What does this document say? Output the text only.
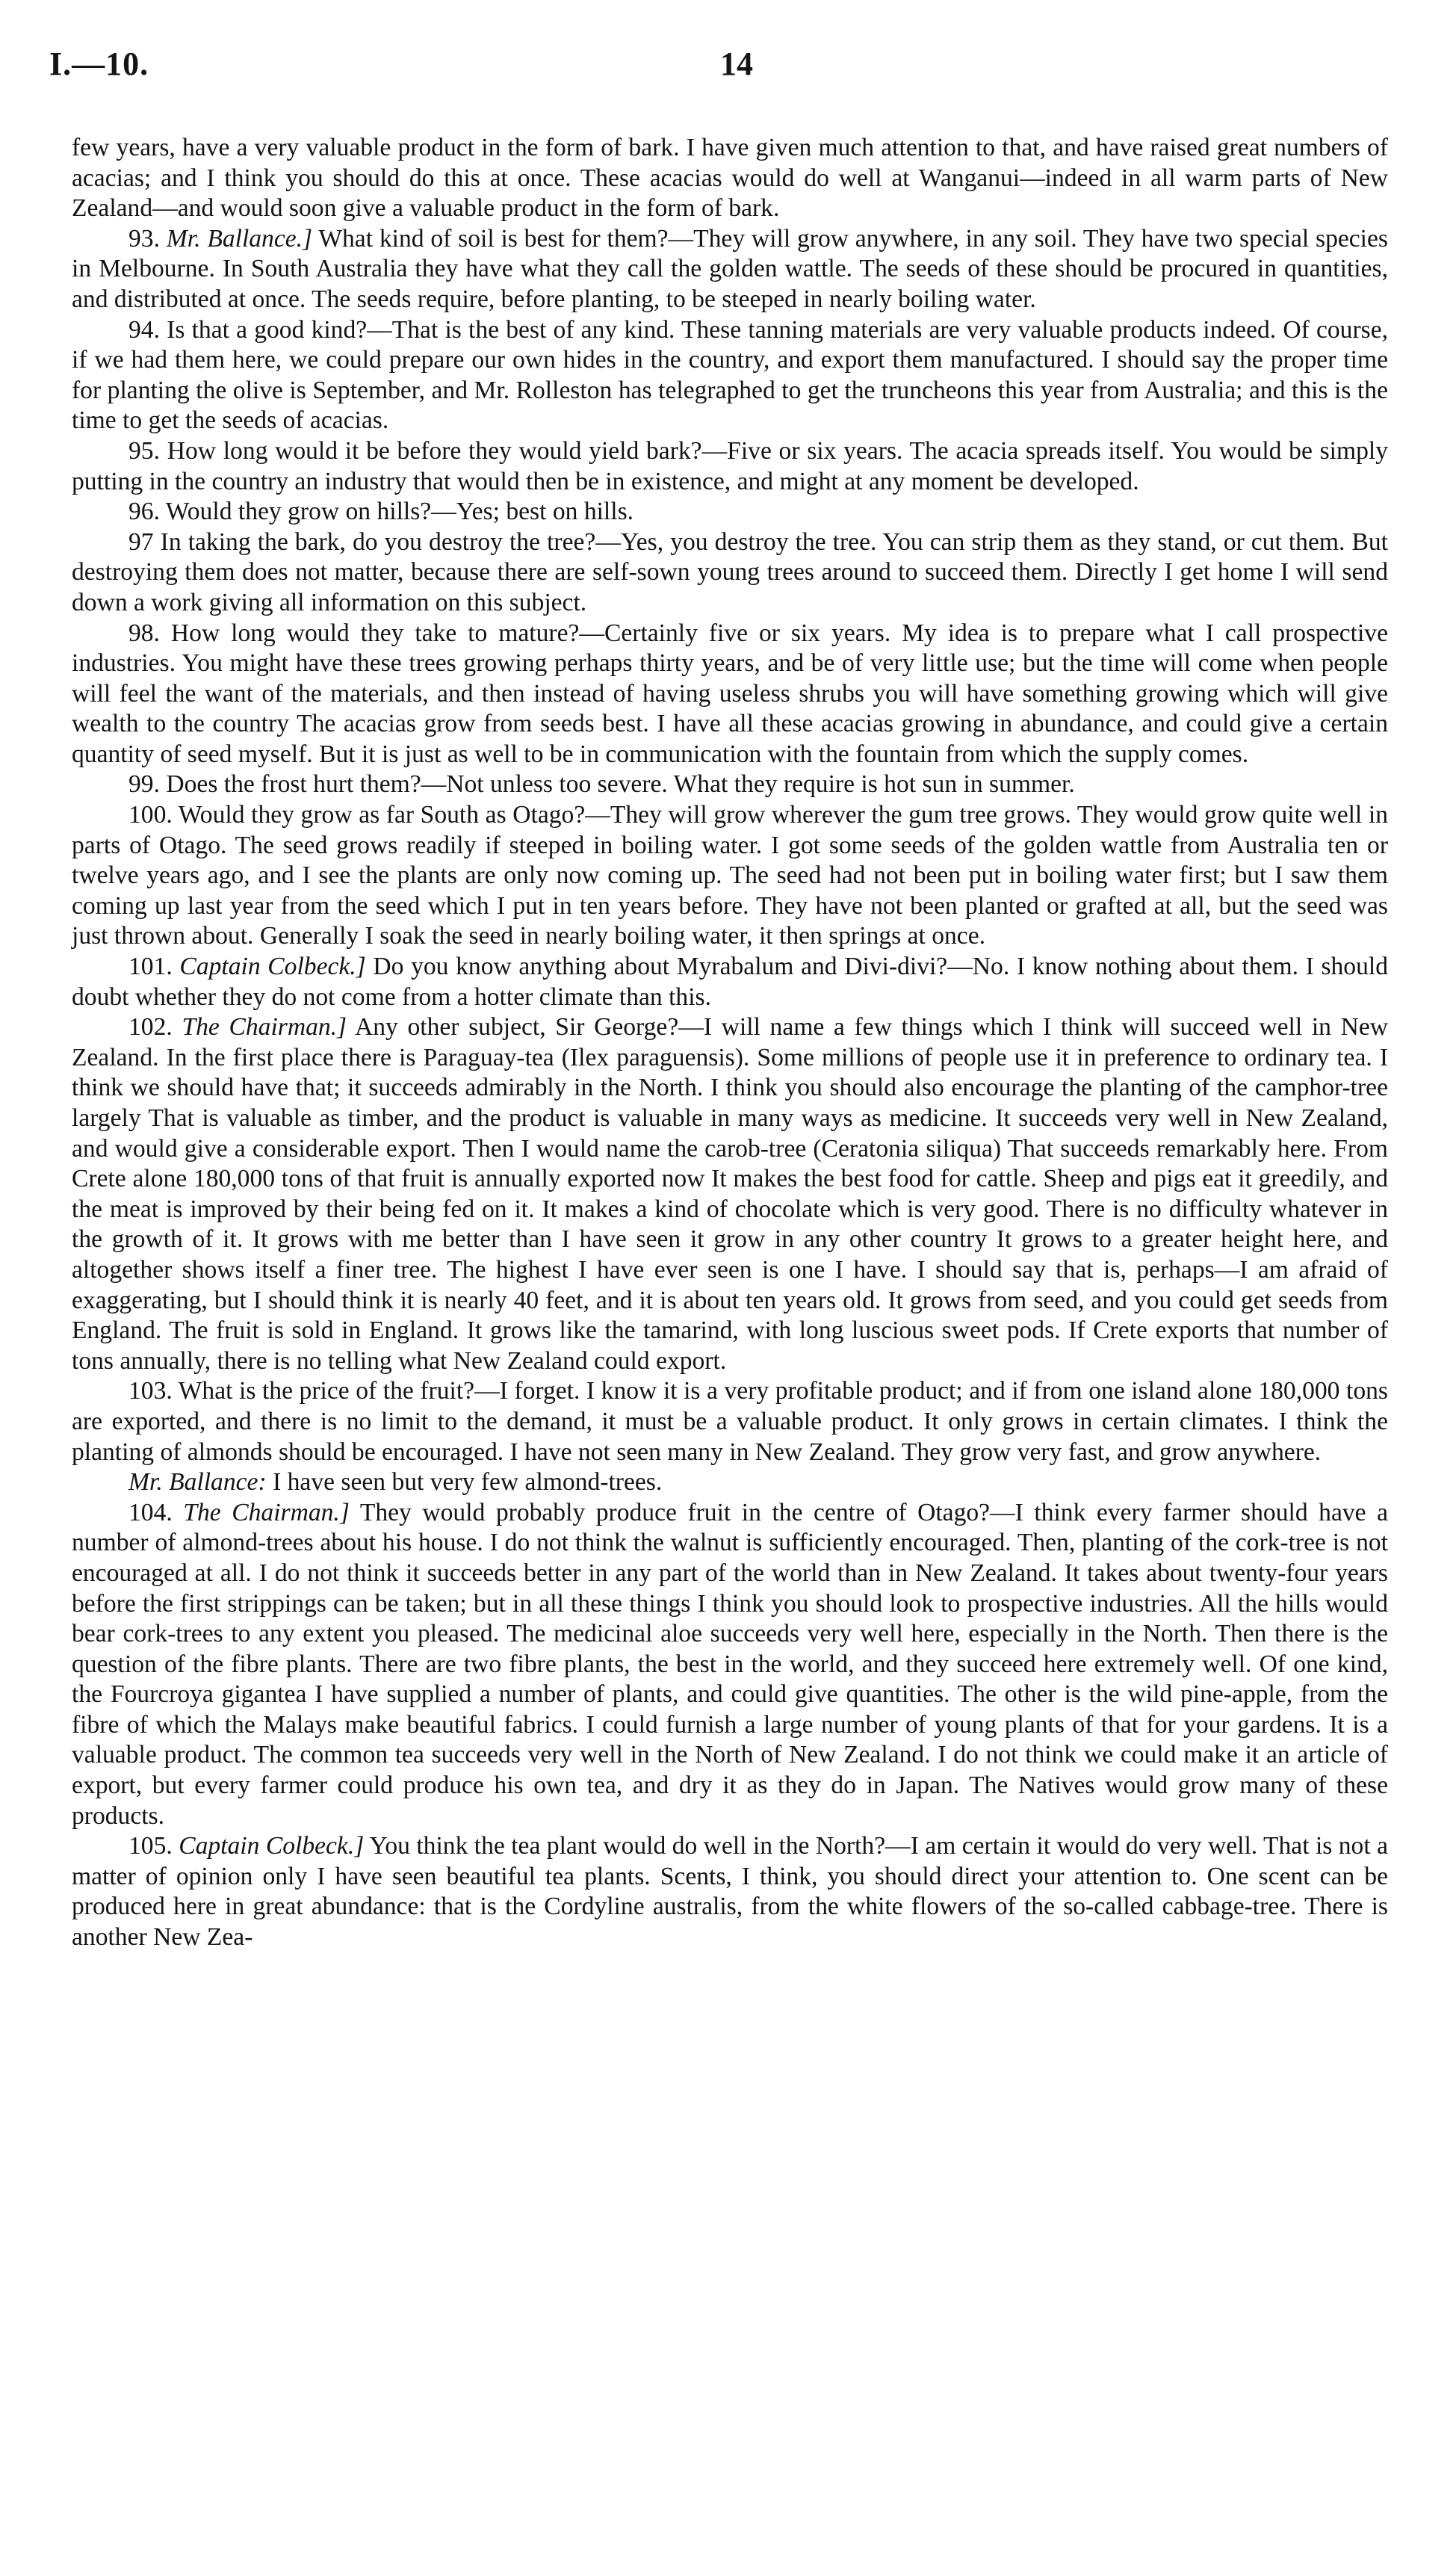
I.—10.	14

few years, have a very valuable product in the form of bark. I have given much attention to that, and have raised great numbers of acacias; and I think you should do this at once. These acacias would do well at Wanganui—indeed in all warm parts of New Zealand—and would soon give a valuable product in the form of bark.

93. Mr. Ballance.] What kind of soil is best for them?—They will grow anywhere, in any soil. They have two special species in Melbourne. In South Australia they have what they call the golden wattle. The seeds of these should be procured in quantities, and distributed at once. The seeds require, before planting, to be steeped in nearly boiling water.

94. Is that a good kind?—That is the best of any kind. These tanning materials are very valuable products indeed. Of course, if we had them here, we could prepare our own hides in the country, and export them manufactured. I should say the proper time for planting the olive is September, and Mr. Rolleston has telegraphed to get the truncheons this year from Australia; and this is the time to get the seeds of acacias.

95. How long would it be before they would yield bark?—Five or six years. The acacia spreads itself. You would be simply putting in the country an industry that would then be in existence, and might at any moment be developed.

96. Would they grow on hills?—Yes; best on hills.

97 In taking the bark, do you destroy the tree?—Yes, you destroy the tree. You can strip them as they stand, or cut them. But destroying them does not matter, because there are self-sown young trees around to succeed them. Directly I get home I will send down a work giving all information on this subject.

98. How long would they take to mature?—Certainly five or six years. My idea is to prepare what I call prospective industries. You might have these trees growing perhaps thirty years, and be of very little use; but the time will come when people will feel the want of the materials, and then instead of having useless shrubs you will have something growing which will give wealth to the country The acacias grow from seeds best. I have all these acacias growing in abundance, and could give a certain quantity of seed myself. But it is just as well to be in communication with the fountain from which the supply comes.

99. Does the frost hurt them?—Not unless too severe. What they require is hot sun in summer.

100. Would they grow as far South as Otago?—They will grow wherever the gum tree grows. They would grow quite well in parts of Otago. The seed grows readily if steeped in boiling water. I got some seeds of the golden wattle from Australia ten or twelve years ago, and I see the plants are only now coming up. The seed had not been put in boiling water first; but I saw them coming up last year from the seed which I put in ten years before. They have not been planted or grafted at all, but the seed was just thrown about. Generally I soak the seed in nearly boiling water, it then springs at once.

101. Captain Colbeck.] Do you know anything about Myrabalum and Divi-divi?—No. I know nothing about them. I should doubt whether they do not come from a hotter climate than this.

102. The Chairman.] Any other subject, Sir George?—I will name a few things which I think will succeed well in New Zealand. In the first place there is Paraguay-tea (Ilex paraguensis). Some millions of people use it in preference to ordinary tea. I think we should have that; it succeeds admirably in the North. I think you should also encourage the planting of the camphor-tree largely That is valuable as timber, and the product is valuable in many ways as medicine. It succeeds very well in New Zealand, and would give a considerable export. Then I would name the carob-tree (Ceratonia siliqua) That succeeds remarkably here. From Crete alone 180,000 tons of that fruit is annually exported now It makes the best food for cattle. Sheep and pigs eat it greedily, and the meat is improved by their being fed on it. It makes a kind of chocolate which is very good. There is no difficulty whatever in the growth of it. It grows with me better than I have seen it grow in any other country It grows to a greater height here, and altogether shows itself a finer tree. The highest I have ever seen is one I have. I should say that is, perhaps—I am afraid of exaggerating, but I should think it is nearly 40 feet, and it is about ten years old. It grows from seed, and you could get seeds from England. The fruit is sold in England. It grows like the tamarind, with long luscious sweet pods. If Crete exports that number of tons annually, there is no telling what New Zealand could export.

103. What is the price of the fruit?—I forget. I know it is a very profitable product; and if from one island alone 180,000 tons are exported, and there is no limit to the demand, it must be a valuable product. It only grows in certain climates. I think the planting of almonds should be encouraged. I have not seen many in New Zealand. They grow very fast, and grow anywhere.

Mr. Ballance: I have seen but very few almond-trees.

104. The Chairman.] They would probably produce fruit in the centre of Otago?—I think every farmer should have a number of almond-trees about his house. I do not think the walnut is sufficiently encouraged. Then, planting of the cork-tree is not encouraged at all. I do not think it succeeds better in any part of the world than in New Zealand. It takes about twenty-four years before the first strippings can be taken; but in all these things I think you should look to prospective industries. All the hills would bear cork-trees to any extent you pleased. The medicinal aloe succeeds very well here, especially in the North. Then there is the question of the fibre plants. There are two fibre plants, the best in the world, and they succeed here extremely well. Of one kind, the Fourcroya gigantea I have supplied a number of plants, and could give quantities. The other is the wild pine-apple, from the fibre of which the Malays make beautiful fabrics. I could furnish a large number of young plants of that for your gardens. It is a valuable product. The common tea succeeds very well in the North of New Zealand. I do not think we could make it an article of export, but every farmer could produce his own tea, and dry it as they do in Japan. The Natives would grow many of these products.

105. Captain Colbeck.] You think the tea plant would do well in the North?—I am certain it would do very well. That is not a matter of opinion only I have seen beautiful tea plants. Scents, I think, you should direct your attention to. One scent can be produced here in great abundance: that is the Cordyline australis, from the white flowers of the so-called cabbage-tree. There is another New Zea-
